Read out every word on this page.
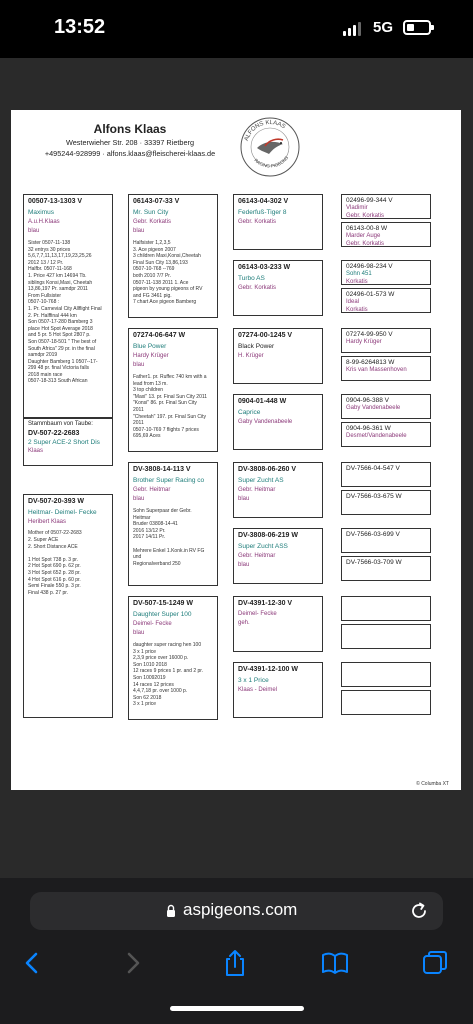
13:52	5G
Alfons Klaas
Westerwieher Str. 208 · 33397 Rietberg
+495244-928999 · alfons.klaas@fleischerei-klaas.de
ALFONS KLAAS
RACING PIGEONS
00507-13-1303 V
Maximus
A.u.H.Klaas
blau
Sister 0507-11-138
32 entrys 30 prices
5,6,7,7,11,13,17,19,23,25,26
2012 13 / 12 Pr.
Halfbr. 0507-11-168
1. Price 427 km 14694 Tb.
siblings Konsi,Maxi, Cheetah
13,86,197 Pr. samdpr 2011
From Fullsister
0507-10-768 :
1. Pr. Carnevial City Allflight Final
2. Pr. Halffinal 444 km
Son 0507-17-280 Bamberg 3
place Hot Spot Average 2018
and 5 pr. 5 Hot Spot 2807 p.
Son 0507-18-501 " The best of
South Africa" 29 pr. in the final
samdpr 2019
Daughter Bamberg 1 0507--17-
299 48 pr. final Victoria falls
2018 main race
0507-18-313 South African
Stammbaum von Taube:
DV-507-22-2683
2 Super ACE-2 Short Dis
Klaas
DV-507-20-393 W
Heitmar- Deimel- Fecke
Heribert Klaas
Mother of 0507-22-2683
2. Super ACE
2. Short Distance ACE

1 Hot Spot 738 p. 3 pr.
2 Hot Spot 690 p. 62 pr.
3 Hot Spot 652 p. 28 pr.
4 Hot Spot 616 p. 60 pr.
Semi Finale 550 p. 3 pr.
Final 438 p. 27 pr.
06143-07-33 V
Mr. Sun City
Gebr. Korkatis
blau
Halfsister 1,2,3,5
3. Ace pigeon 2007
3 children Maxi,Konsi,Cheetah
Final Sun City 13,86,193
0507-10-768 --769
both 2010 7/7 Pr.
0507-11-138 2011 1. Ace
pigeon by young pigeons of RV
and FG 3461 pig.
7 chart Ace pigeon Bamberg
07274-06-647 W
Blue Power
Hardy Krüger
blau
Father1. pr. Ruffec 740 km with a
lead from 13 m.
3 top children
"Maxi" 13. pr. Final Sun City 2011
"Konsi" 86. pr. Final Sun City
2011
"Cheetah" 197. pr. Final Sun City
2011
0507-10-769 7 flights 7 prices
695,69 Aces
DV-3808-14-113 V
Brother Super Racing co
Gebr. Heitmar
blau
Sohn Superpaar der Gebr.
Heitmar
Bruder 03808-14-41
2016 13/12 Pr.
2017 14/11 Pr.

Mehrere Enkel 1.Konk.in RV FG
und
Regionalverband 250
DV-507-15-1249 W
Daughter Super 100
Deimel- Fecke
blau
daughter super racing hen 100
3 x 1 price
2,3,9 price over 16000 p.
Son 1010 2018
12 races 9 prices 1 pr. and 2 pr.
Son 10092019
14 races 12 prices
4,4,7,18 pr. over 1000 p.
Son 62 2018
3 x 1 price
06143-04-302 V
Federfuß-Tiger 8
Gebr. Korkatis
06143-03-233 W
Turbo AS
Gebr. Korkatis
07274-00-1245 V
Black Power
H. Krüger
0904-01-448 W
Caprice
Gaby Vandenabeele
DV-3808-06-260 V
Super Zucht AS
Gebr. Heitmar
blau
DV-3808-06-219 W
Super Zucht ASS
Gebr. Heitmar
blau
DV-4391-12-30 V
Deimel- Fecke
geh.
DV-4391-12-100 W
3 x 1 Price
Klaas - Deimel
02496-99-344 V
Vladimir
Gebr. Korkatis
06143-00-8 W
Marder Auge
Gebr. Korkatis
02496-98-234 V
Sohn 451
Korkatis
02496-01-573 W
Ideal
Korkatis
07274-99-950 V
Hardy Krüger
8-99-6264813 W
Kris van Massenhoven
0904-96-388 V
Gaby Vandenabeele
0904-96-361 W
Desmet/Vandenabeele
DV-7566-04-547 V
DV-7566-03-675 W
DV-7566-03-699 V
DV-7566-03-709 W
© Columba XT
aspigeons.com
